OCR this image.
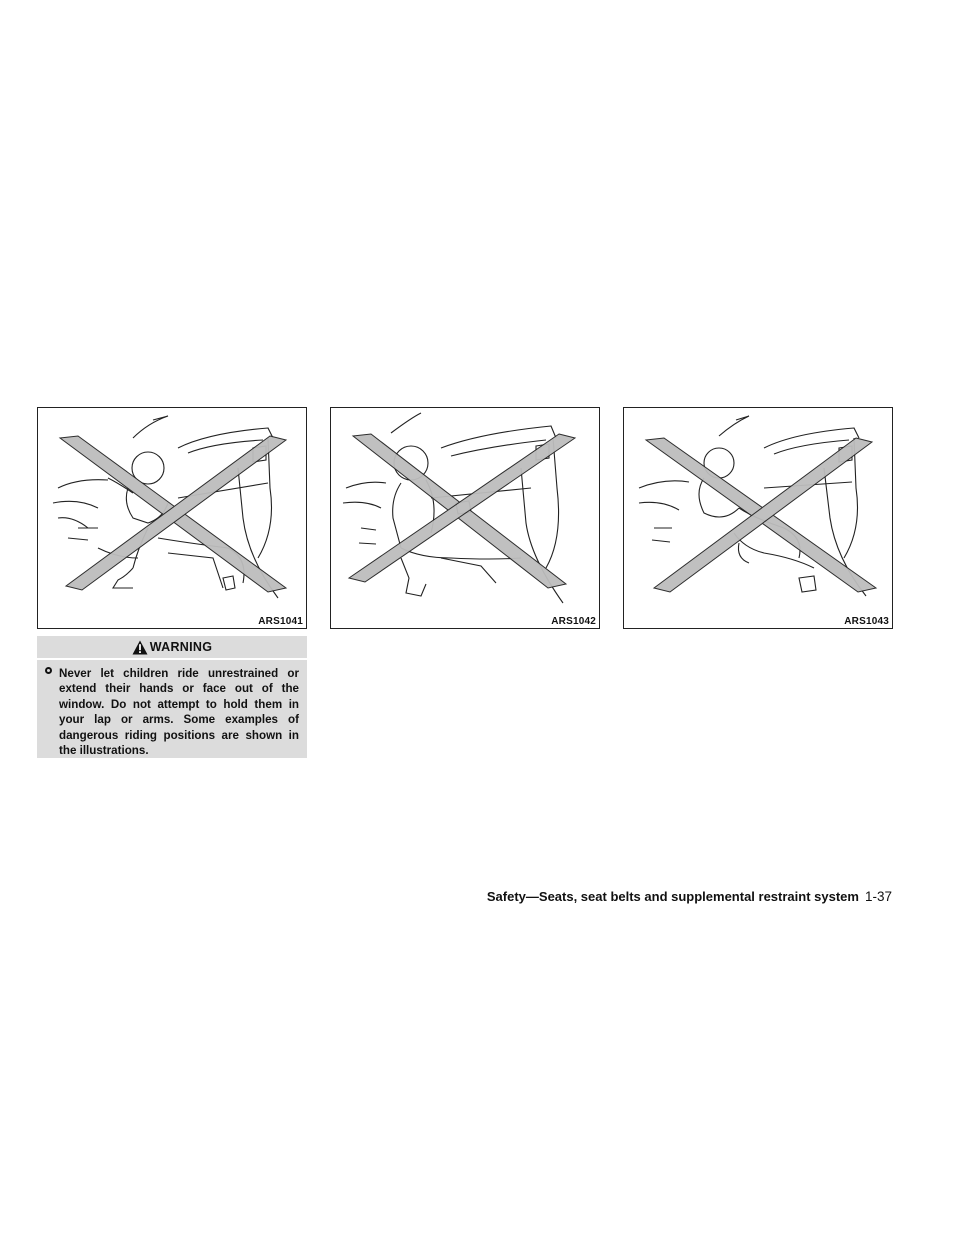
ARS1041	ARS1042	ARS1043
WARNING
Never let children ride unrestrained or extend their hands or face out of the window. Do not attempt to hold them in your lap or arms. Some examples of dangerous riding positions are shown in the illustrations.
Safety—Seats, seat belts and supplemental restraint system 1-37
